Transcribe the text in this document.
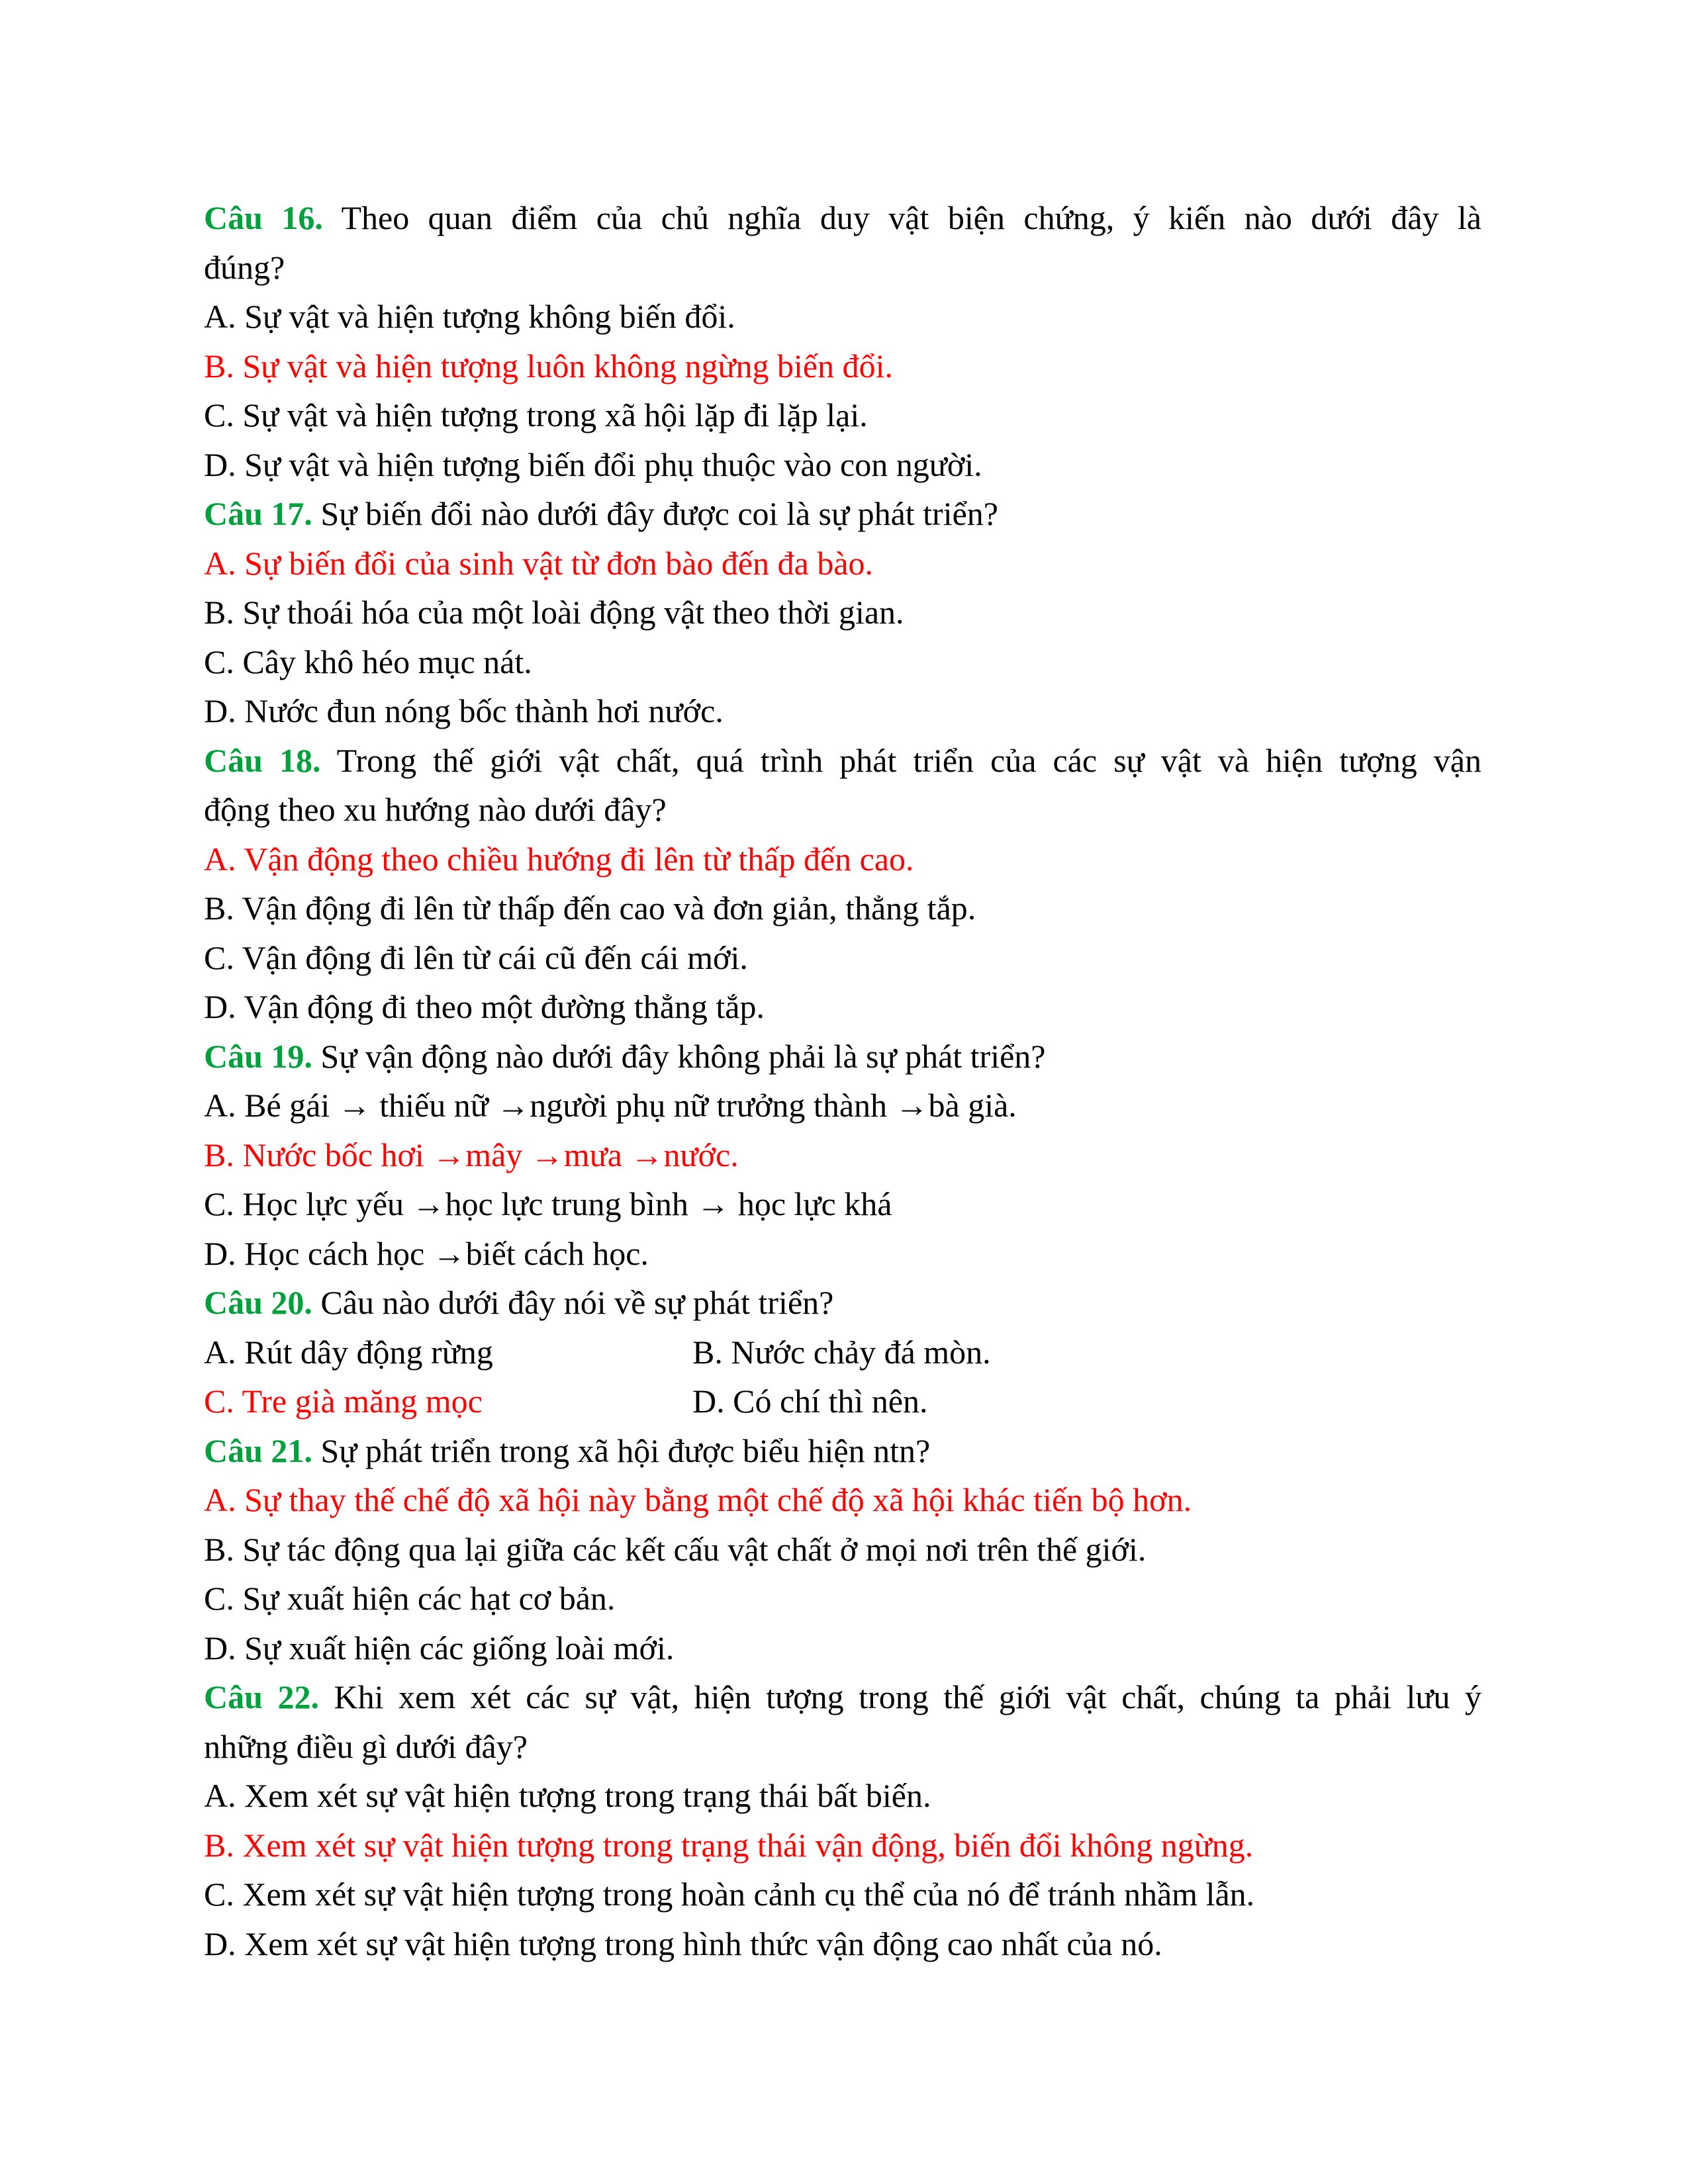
Câu 16. Theo quan điểm của chủ nghĩa duy vật biện chứng, ý kiến nào dưới đây là
đúng?
A. Sự vật và hiện tượng không biến đổi.
B. Sự vật và hiện tượng luôn không ngừng biến đổi.
C. Sự vật và hiện tượng trong xã hội lặp đi lặp lại.
D. Sự vật và hiện tượng biến đổi phụ thuộc vào con người.
Câu 17. Sự biến đổi nào dưới đây được coi là sự phát triển?
A. Sự biến đổi của sinh vật từ đơn bào đến đa bào.
B. Sự thoái hóa của một loài động vật theo thời gian.
C. Cây khô héo mục nát.
D. Nước đun nóng bốc thành hơi nước.
Câu 18. Trong thế giới vật chất, quá trình phát triển của các sự vật và hiện tượng vận
động theo xu hướng nào dưới đây?
A. Vận động theo chiều hướng đi lên từ thấp đến cao.
B. Vận động đi lên từ thấp đến cao và đơn giản, thẳng tắp.
C. Vận động đi lên từ cái cũ đến cái mới.
D. Vận động đi theo một đường thẳng tắp.
Câu 19. Sự vận động nào dưới đây không phải là sự phát triển?
A. Bé gái → thiếu nữ →người phụ nữ trưởng thành →bà già.
B. Nước bốc hơi →mây →mưa →nước.
C. Học lực yếu →học lực trung bình → học lực khá
D. Học cách học →biết cách học.
Câu 20. Câu nào dưới đây nói về sự phát triển?
A. Rút dây động rừng	B. Nước chảy đá mòn.
C. Tre già măng mọc	D. Có chí thì nên.
Câu 21. Sự phát triển trong xã hội được biểu hiện ntn?
A. Sự thay thế chế độ xã hội này bằng một chế độ xã hội khác tiến bộ hơn.
B. Sự tác động qua lại giữa các kết cấu vật chất ở mọi nơi trên thế giới.
C. Sự xuất hiện các hạt cơ bản.
D. Sự xuất hiện các giống loài mới.
Câu 22. Khi xem xét các sự vật, hiện tượng trong thế giới vật chất, chúng ta phải lưu ý
những điều gì dưới đây?
A. Xem xét sự vật hiện tượng trong trạng thái bất biến.
B. Xem xét sự vật hiện tượng trong trạng thái vận động, biến đổi không ngừng.
C. Xem xét sự vật hiện tượng trong hoàn cảnh cụ thể của nó để tránh nhầm lẫn.
D. Xem xét sự vật hiện tượng trong hình thức vận động cao nhất của nó.
